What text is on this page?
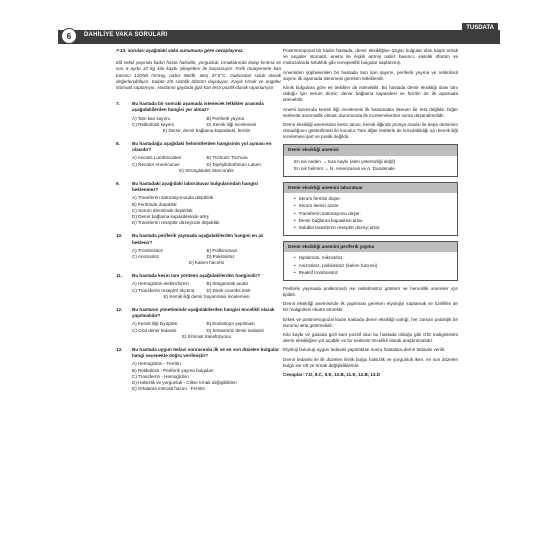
6	DAHİLİYE VAKA SORULARI
TUSDATA

7-13. soruları aşağıdaki vaka sunumuna göre cevaplayınız.

Elli sekiz yaşında kadın hasta halsizlik, yorgunluk, tırnaklarında kolay kırılma ve son 6 ayda 10 kg kilo kaybı şikayetleri ile başvuruyor. Fizik muayenede kan basıncı 120/50 mmHg, nabız 96/dk, ateş 37.8°C, mukozalar soluk olarak değerlendiriliyor. Kalpte 2/6 sistolik üfürüm duyuluyor. Kaşık tırnak ve angüler stomatit saptanıyor. Hastanın gaytada gizli kan testi pozitif olarak raporlanıyor

7.	Bu hastada bir sonraki aşamada istenecek tetkikler arasında aşağıdakilerden hangisi yer almaz?
A) Tam kan sayımı	B) Periferik yayma
C) Retikülosit sayımı	D) Kemik iliği incelemesi
E) Demir, demir bağlama kapasitesi, ferritin
8.	Bu hastadağa aşağıdaki helmintlerden hangisinin yol açması en olasıdır?
A) Ascaris Lumbricoides	B) Trichuris Trichura
C) Necator Americanus	D) Diphyllobothrium Latum
E) Strongloides Stercoralis
9.	Bu hastadaki aşağıdaki laboratuvar bulgularından hangisi beklenmez?
A) Transferrin satürasyonunda düşüklük
B) Ferritinde düşüklük
C) Serum demirinde düşüklük
D) Demir bağlama kapasitesinde artış
E) Transferrin reseptör düzeyinde düşüklük
10.	Bu hastada periferik yaymada aşağıdakilerden hangisi en az beklenir?
A) Trombositoz	B) Poilkiromazi
C) Anizositoz	D) Pokilositoz
E) Kalem hücresi
11.	Bu hastada kesin tanı yöntemi aşağıdakilerden hangisidir?
A) Hemoglobin elektroforezi	B) Sitogenetik analiz
C) Transferrin reseptör ölçümü	D) Direk coombs testi
E) Kemik iliği demir boyanması incelemesi
12.	Bu hastanın yönetiminde aşağıdakilerden hangisi öncelikli olarak yapılmalıdır?
A) Kemik iliği biyopsisi	B) Endoskopi yapılması
C) Oral demir tedavisi	D) İntravenöz demir tedavisi
E) Eritrosit transfüzyonu
13.	Bu hastada uygun tedavi sonrasında ilk ve en son düzelen bulgular hangi seçenekte doğru verilmiştir?
A) Hemoglobin - Ferritin
B) Retikülosit - Periferik yayma bulguları
C) Transferrin - Hemoglobin
D) Halsizlik ve yorgunluk - Ciltve tırnak değişiklikleri
E) Ortalama eritrosit hacmi - Ferritin

Postmenopozal bir kadın hastada, demir eksikliğine özgün bulgular olan kaşık tırnak ve angüler stomatit, anemi ile ilişkili artmış nabız basıncı, sistolik üfürüm ve mukozalarda solukluk gibi nonspesifik bulgular saptanmış.

Anemiden şüphelenilen bir hastada tam kan sayımı, periferik yayma ve retikülosit sayımı ilk aşamada istenmesi gereken tetkiklerdir.

Klinik bulgulara göre ek tetkikler de istenebilir. Bu hastada demir eksikliği olası tanı olduğu için serum demir, demir bağlama kapasitesi ve ferritin de ilk aşamada istenebilir.

Anemi tanısında kemik iliği incelemesi ilk basamakta istenen bir test değildir. Diğer serilerde anormallik olması durumunda ilk incelemelerden sonra düşünülmelidir.

Demir eksikliği anemisinin kesin tanısı, kemik iliğinde prusya mavisi ile depo demirinin olmadığının gösterilmesi ile konulur. Tanı diğer testlerle de konulabildiği için kemik iliği incelemesi şart ve pratik değildir.

Demir eksikliği anemisi
En sık neden → Kan kaybı (alım yetersizliği değil)
En sık helmint → N. Americanus ve A. Duodenale
Demir eksikliği anemini laboratuar
• Serum ferritini düşer.
• Serum demiri azalır.
• Transferrin satürasyonu düşer.
• Demir bağlama kapasitesi artar.
• Soluble transferrin reseptör düzeyi artar.
Demir eksikliği anemini periferik yayma
• Hipokromi, mikrositoz
• Anizositoz, poikilositoz (kalem hücresi)
• Reaktif trombositoz

Periferik yaymada polikromazi ise retikülositoz gösterir ve hemolitik anemiler için tipiktir.

Demir eksikliği anemisinde ilk yapılması gereken etyolojiyi saptamak ve özellikle de bir malignitesi ekarte etmektir.

Erkek ve postmenopozal kadın hastada demir eksikliği varlığı, her zaman patolojik bir durumu akla getirmelidir.

Kilo kaybı ve gaitada gizli kanı pozitif olan bu hastada olduğu gibi GİS malignitesini demir eksikliğine yol açabilir ve bu nedenle öncelikli olarak araştırılmalıdır.

Etyoloji bulunup uygun tedavisi yapıldıktan sonra hastalara demir tedavisi verilir.

Demir tedavisi ile ilk düzelen klinik bulgu halsizlik ve yorgunluk iken, en son düzelen bulgu ise cilt ve tırnak değişiklikleridir.

Cevaplar: 7.D, 8.C, 9.E, 10.B, 11.E, 12.B, 13.D
